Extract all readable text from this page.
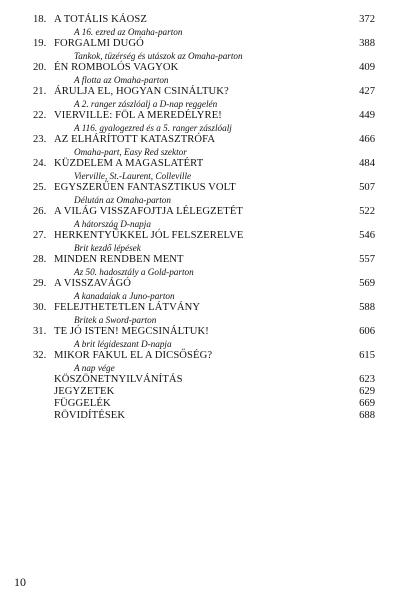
18. A TOTÁLIS KÁOSZ	372
A 16. ezred az Omaha-parton
19. FORGALMI DUGÓ	388
Tankok, tüzérség és utászok az Omaha-parton
20. ÉN ROMBOLÓS VAGYOK	409
A flotta az Omaha-parton
21. ÁRULJA EL, HOGYAN CSINÁLTUK?	427
A 2. ranger zászlóalj a D-nap reggelén
22. VIERVILLE: FÖL A MEREDÉLYRE!	449
A 116. gyalogezred és a 5. ranger zászlóalj
23. AZ ELHÁRÍTOTT KATASZTRÓFA	466
Omaha-part, Easy Red szektor
24. KÜZDELEM A MAGASLATÉRT	484
Vierville, St.-Laurent, Colleville
25. EGYSZERŰEN FANTASZTIKUS VOLT	507
Délután az Omaha-parton
26. A VILÁG VISSZAFOJTJA LÉLEGZETÉT	522
A hátország D-napja
27. HERKENTYŰKKEL JÓL FELSZERELVE	546
Brit kezdő lépések
28. MINDEN RENDBEN MENT	557
Az 50. hadosztály a Gold-parton
29. A VISSZAVÁGÓ	569
A kanadaiak a Juno-parton
30. FELEJTHETETLEN LÁTVÁNY	588
Britek a Sword-parton
31. TE JÓ ISTEN! MEGCSINÁLTUK!	606
A brit légideszant D-napja
32. MIKOR FAKUL EL A DICSŐSÉG?	615
A nap vége
KÖSZÖNETNYILVÁNÍTÁS	623
JEGYZETEK	629
FÜGGELÉK	669
RÖVIDÍTÉSEK	688
10
